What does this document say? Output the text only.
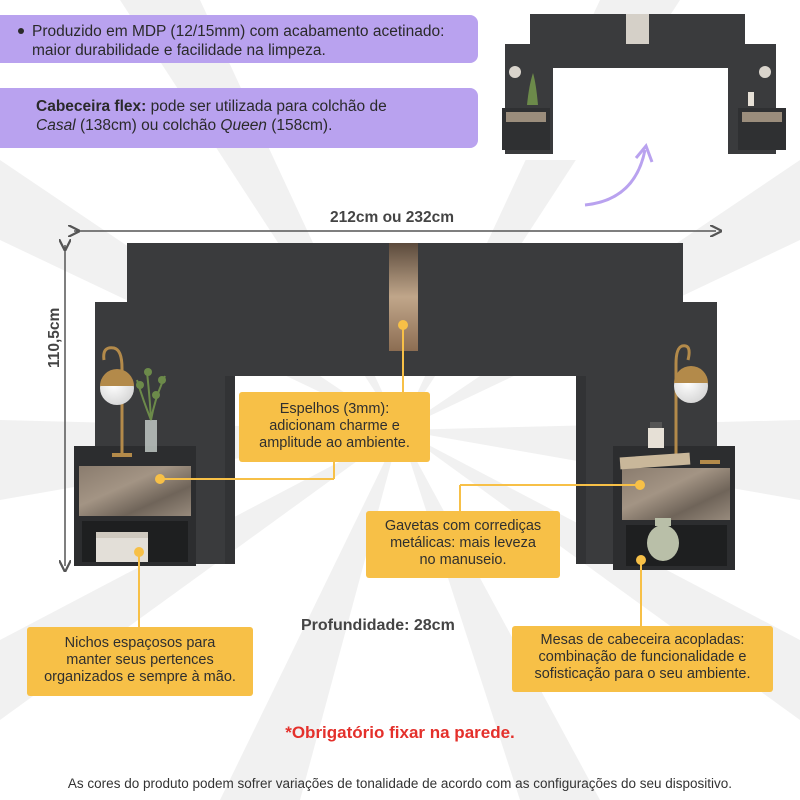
Produzido em MDP (12/15mm) com acabamento acetinado:
maior durabilidade e facilidade na limpeza.
Cabeceira flex: pode ser utilizada para colchão de
Casal (138cm) ou colchão Queen (158cm).
212cm ou 232cm
110,5cm
Profundidade: 28cm
Espelhos (3mm):
adicionam charme e
amplitude ao ambiente.
Gavetas com corrediças
metálicas: mais leveza
no manuseio.
Nichos espaçosos para
manter seus pertences
organizados e sempre à mão.
Mesas de cabeceira acopladas:
combinação de funcionalidade e
sofisticação para o seu ambiente.
*Obrigatório fixar na parede.
As cores do produto podem sofrer variações de tonalidade de acordo com as configurações do seu dispositivo.
